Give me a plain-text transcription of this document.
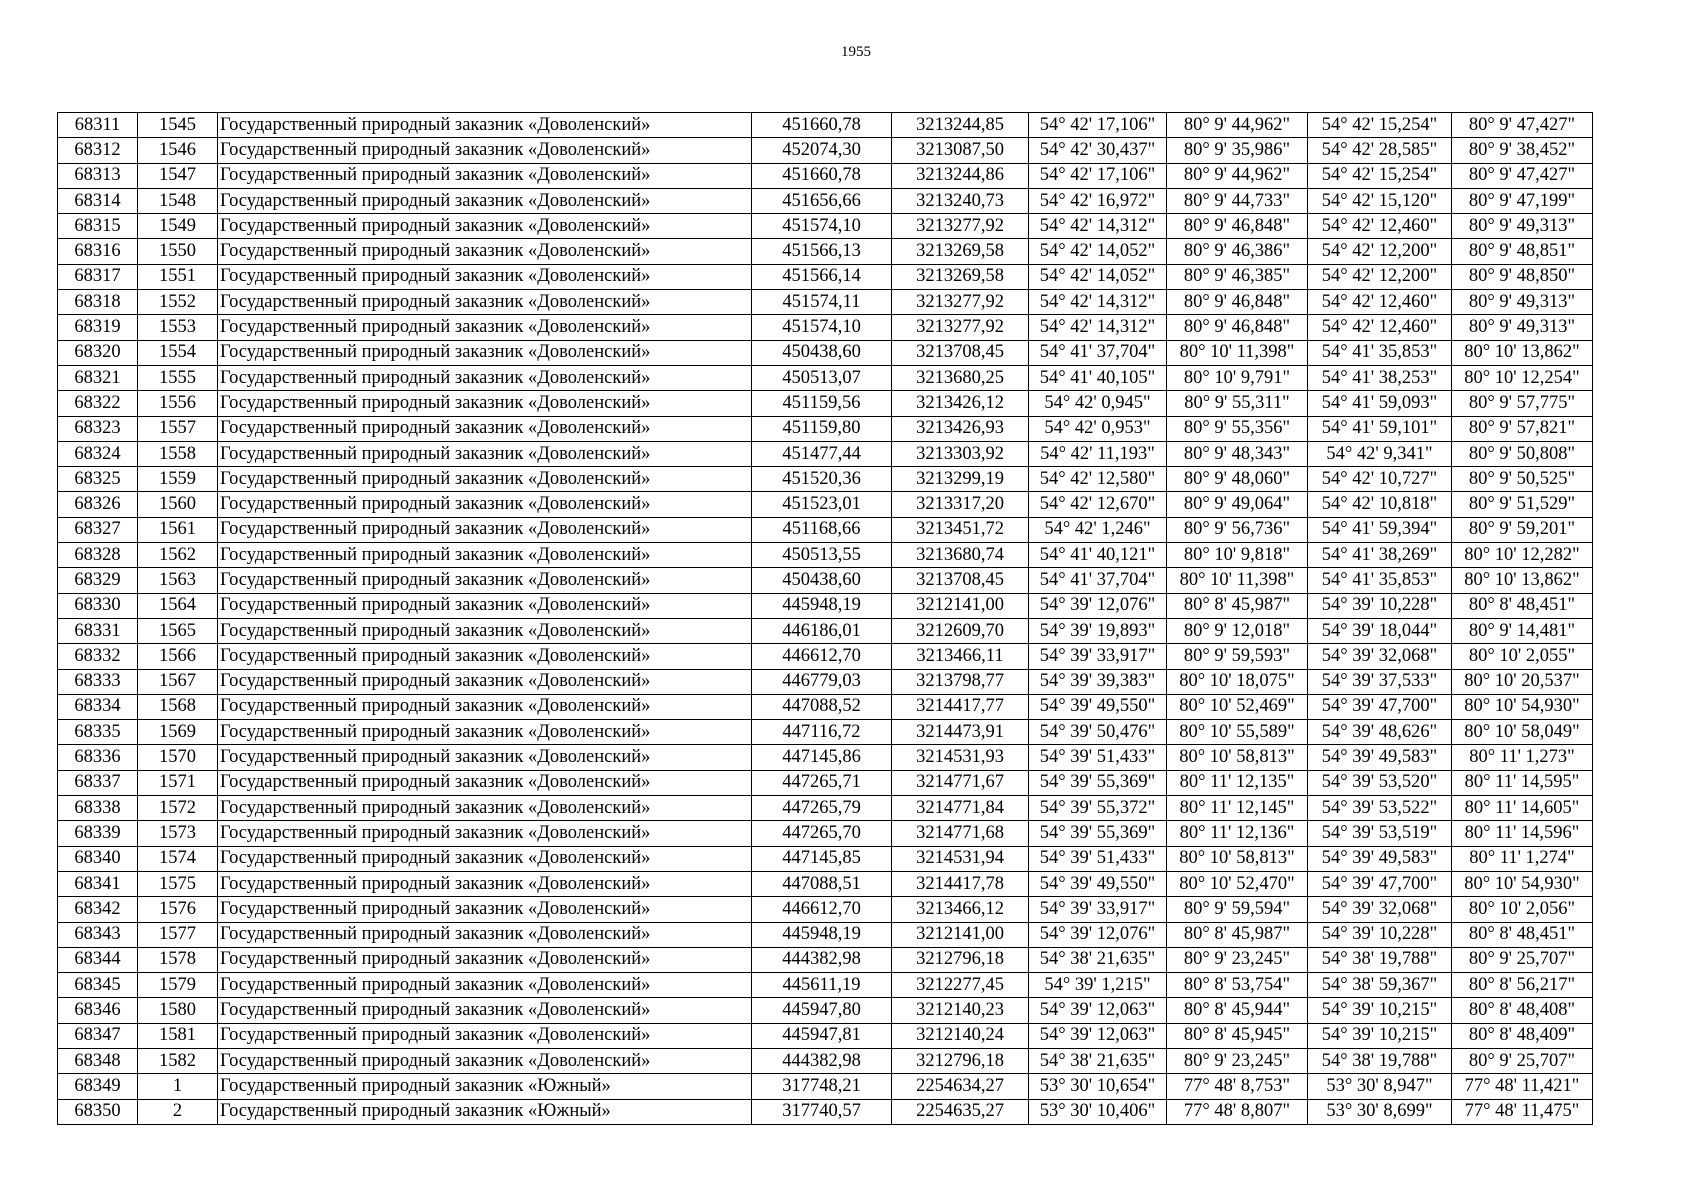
1955
68311	1545	Государственный природный заказник «Доволенский»	451660,78	3213244,85	54° 42' 17,106"	80° 9' 44,962"	54° 42' 15,254"	80° 9' 47,427"
68312	1546	Государственный природный заказник «Доволенский»	452074,30	3213087,50	54° 42' 30,437"	80° 9' 35,986"	54° 42' 28,585"	80° 9' 38,452"
68313	1547	Государственный природный заказник «Доволенский»	451660,78	3213244,86	54° 42' 17,106"	80° 9' 44,962"	54° 42' 15,254"	80° 9' 47,427"
68314	1548	Государственный природный заказник «Доволенский»	451656,66	3213240,73	54° 42' 16,972"	80° 9' 44,733"	54° 42' 15,120"	80° 9' 47,199"
68315	1549	Государственный природный заказник «Доволенский»	451574,10	3213277,92	54° 42' 14,312"	80° 9' 46,848"	54° 42' 12,460"	80° 9' 49,313"
68316	1550	Государственный природный заказник «Доволенский»	451566,13	3213269,58	54° 42' 14,052"	80° 9' 46,386"	54° 42' 12,200"	80° 9' 48,851"
68317	1551	Государственный природный заказник «Доволенский»	451566,14	3213269,58	54° 42' 14,052"	80° 9' 46,385"	54° 42' 12,200"	80° 9' 48,850"
68318	1552	Государственный природный заказник «Доволенский»	451574,11	3213277,92	54° 42' 14,312"	80° 9' 46,848"	54° 42' 12,460"	80° 9' 49,313"
68319	1553	Государственный природный заказник «Доволенский»	451574,10	3213277,92	54° 42' 14,312"	80° 9' 46,848"	54° 42' 12,460"	80° 9' 49,313"
68320	1554	Государственный природный заказник «Доволенский»	450438,60	3213708,45	54° 41' 37,704"	80° 10' 11,398"	54° 41' 35,853"	80° 10' 13,862"
68321	1555	Государственный природный заказник «Доволенский»	450513,07	3213680,25	54° 41' 40,105"	80° 10' 9,791"	54° 41' 38,253"	80° 10' 12,254"
68322	1556	Государственный природный заказник «Доволенский»	451159,56	3213426,12	54° 42' 0,945"	80° 9' 55,311"	54° 41' 59,093"	80° 9' 57,775"
68323	1557	Государственный природный заказник «Доволенский»	451159,80	3213426,93	54° 42' 0,953"	80° 9' 55,356"	54° 41' 59,101"	80° 9' 57,821"
68324	1558	Государственный природный заказник «Доволенский»	451477,44	3213303,92	54° 42' 11,193"	80° 9' 48,343"	54° 42' 9,341"	80° 9' 50,808"
68325	1559	Государственный природный заказник «Доволенский»	451520,36	3213299,19	54° 42' 12,580"	80° 9' 48,060"	54° 42' 10,727"	80° 9' 50,525"
68326	1560	Государственный природный заказник «Доволенский»	451523,01	3213317,20	54° 42' 12,670"	80° 9' 49,064"	54° 42' 10,818"	80° 9' 51,529"
68327	1561	Государственный природный заказник «Доволенский»	451168,66	3213451,72	54° 42' 1,246"	80° 9' 56,736"	54° 41' 59,394"	80° 9' 59,201"
68328	1562	Государственный природный заказник «Доволенский»	450513,55	3213680,74	54° 41' 40,121"	80° 10' 9,818"	54° 41' 38,269"	80° 10' 12,282"
68329	1563	Государственный природный заказник «Доволенский»	450438,60	3213708,45	54° 41' 37,704"	80° 10' 11,398"	54° 41' 35,853"	80° 10' 13,862"
68330	1564	Государственный природный заказник «Доволенский»	445948,19	3212141,00	54° 39' 12,076"	80° 8' 45,987"	54° 39' 10,228"	80° 8' 48,451"
68331	1565	Государственный природный заказник «Доволенский»	446186,01	3212609,70	54° 39' 19,893"	80° 9' 12,018"	54° 39' 18,044"	80° 9' 14,481"
68332	1566	Государственный природный заказник «Доволенский»	446612,70	3213466,11	54° 39' 33,917"	80° 9' 59,593"	54° 39' 32,068"	80° 10' 2,055"
68333	1567	Государственный природный заказник «Доволенский»	446779,03	3213798,77	54° 39' 39,383"	80° 10' 18,075"	54° 39' 37,533"	80° 10' 20,537"
68334	1568	Государственный природный заказник «Доволенский»	447088,52	3214417,77	54° 39' 49,550"	80° 10' 52,469"	54° 39' 47,700"	80° 10' 54,930"
68335	1569	Государственный природный заказник «Доволенский»	447116,72	3214473,91	54° 39' 50,476"	80° 10' 55,589"	54° 39' 48,626"	80° 10' 58,049"
68336	1570	Государственный природный заказник «Доволенский»	447145,86	3214531,93	54° 39' 51,433"	80° 10' 58,813"	54° 39' 49,583"	80° 11' 1,273"
68337	1571	Государственный природный заказник «Доволенский»	447265,71	3214771,67	54° 39' 55,369"	80° 11' 12,135"	54° 39' 53,520"	80° 11' 14,595"
68338	1572	Государственный природный заказник «Доволенский»	447265,79	3214771,84	54° 39' 55,372"	80° 11' 12,145"	54° 39' 53,522"	80° 11' 14,605"
68339	1573	Государственный природный заказник «Доволенский»	447265,70	3214771,68	54° 39' 55,369"	80° 11' 12,136"	54° 39' 53,519"	80° 11' 14,596"
68340	1574	Государственный природный заказник «Доволенский»	447145,85	3214531,94	54° 39' 51,433"	80° 10' 58,813"	54° 39' 49,583"	80° 11' 1,274"
68341	1575	Государственный природный заказник «Доволенский»	447088,51	3214417,78	54° 39' 49,550"	80° 10' 52,470"	54° 39' 47,700"	80° 10' 54,930"
68342	1576	Государственный природный заказник «Доволенский»	446612,70	3213466,12	54° 39' 33,917"	80° 9' 59,594"	54° 39' 32,068"	80° 10' 2,056"
68343	1577	Государственный природный заказник «Доволенский»	445948,19	3212141,00	54° 39' 12,076"	80° 8' 45,987"	54° 39' 10,228"	80° 8' 48,451"
68344	1578	Государственный природный заказник «Доволенский»	444382,98	3212796,18	54° 38' 21,635"	80° 9' 23,245"	54° 38' 19,788"	80° 9' 25,707"
68345	1579	Государственный природный заказник «Доволенский»	445611,19	3212277,45	54° 39' 1,215"	80° 8' 53,754"	54° 38' 59,367"	80° 8' 56,217"
68346	1580	Государственный природный заказник «Доволенский»	445947,80	3212140,23	54° 39' 12,063"	80° 8' 45,944"	54° 39' 10,215"	80° 8' 48,408"
68347	1581	Государственный природный заказник «Доволенский»	445947,81	3212140,24	54° 39' 12,063"	80° 8' 45,945"	54° 39' 10,215"	80° 8' 48,409"
68348	1582	Государственный природный заказник «Доволенский»	444382,98	3212796,18	54° 38' 21,635"	80° 9' 23,245"	54° 38' 19,788"	80° 9' 25,707"
68349	1	Государственный природный заказник «Южный»	317748,21	2254634,27	53° 30' 10,654"	77° 48' 8,753"	53° 30' 8,947"	77° 48' 11,421"
68350	2	Государственный природный заказник «Южный»	317740,57	2254635,27	53° 30' 10,406"	77° 48' 8,807"	53° 30' 8,699"	77° 48' 11,475"
